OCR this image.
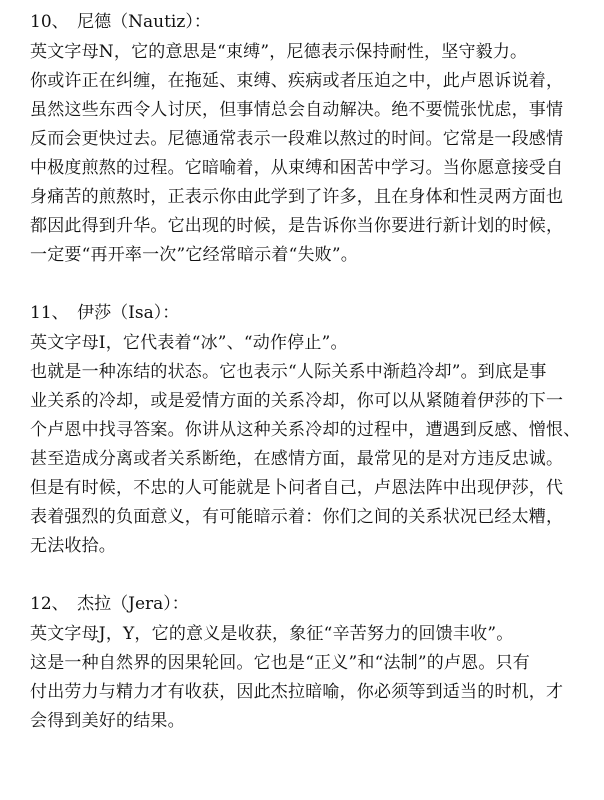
10、　尼德（Nautiz）：
英文字母N，它的意思是“束缚”，尼德表示保持耐性，坚守毅力。
你或许正在纠缠，在拖延、束缚、疾病或者压迫之中，此卢恩诉说着，
虽然这些东西令人讨厌，但事情总会自动解决。绝不要慌张忧虑，事情
反而会更快过去。尼德通常表示一段难以熬过的时间。它常是一段感情
中极度煎熬的过程。它暗喻着，从束缚和困苦中学习。当你愿意接受自
身痛苦的煎熬时，正表示你由此学到了许多，且在身体和性灵两方面也
都因此得到升华。它出现的时候，是告诉你当你要进行新计划的时候，
一定要“再开率一次”它经常暗示着“失败”。
11、　伊莎（Isa）：
英文字母I，它代表着“冰”、“动作停止”。
也就是一种冻结的状态。它也表示“人际关系中渐趋冷却”。到底是事
业关系的冷却，或是爱情方面的关系冷却，你可以从紧随着伊莎的下一
个卢恩中找寻答案。你讲从这种关系冷却的过程中，遭遇到反感、憎恨、
甚至造成分离或者关系断绝，在感情方面，最常见的是对方违反忠诚。
但是有时候，不忠的人可能就是卜问者自己，卢恩法阵中出现伊莎，代
表着强烈的负面意义，有可能暗示着：你们之间的关系状况已经太糟，
无法收拾。
12、　杰拉（Jera）：
英文字母J，Y，它的意义是收获，象征“辛苦努力的回馈丰收”。
这是一种自然界的因果轮回。它也是“正义”和“法制”的卢恩。只有
付出劳力与精力才有收获，因此杰拉暗喻，你必须等到适当的时机，才
会得到美好的结果。
